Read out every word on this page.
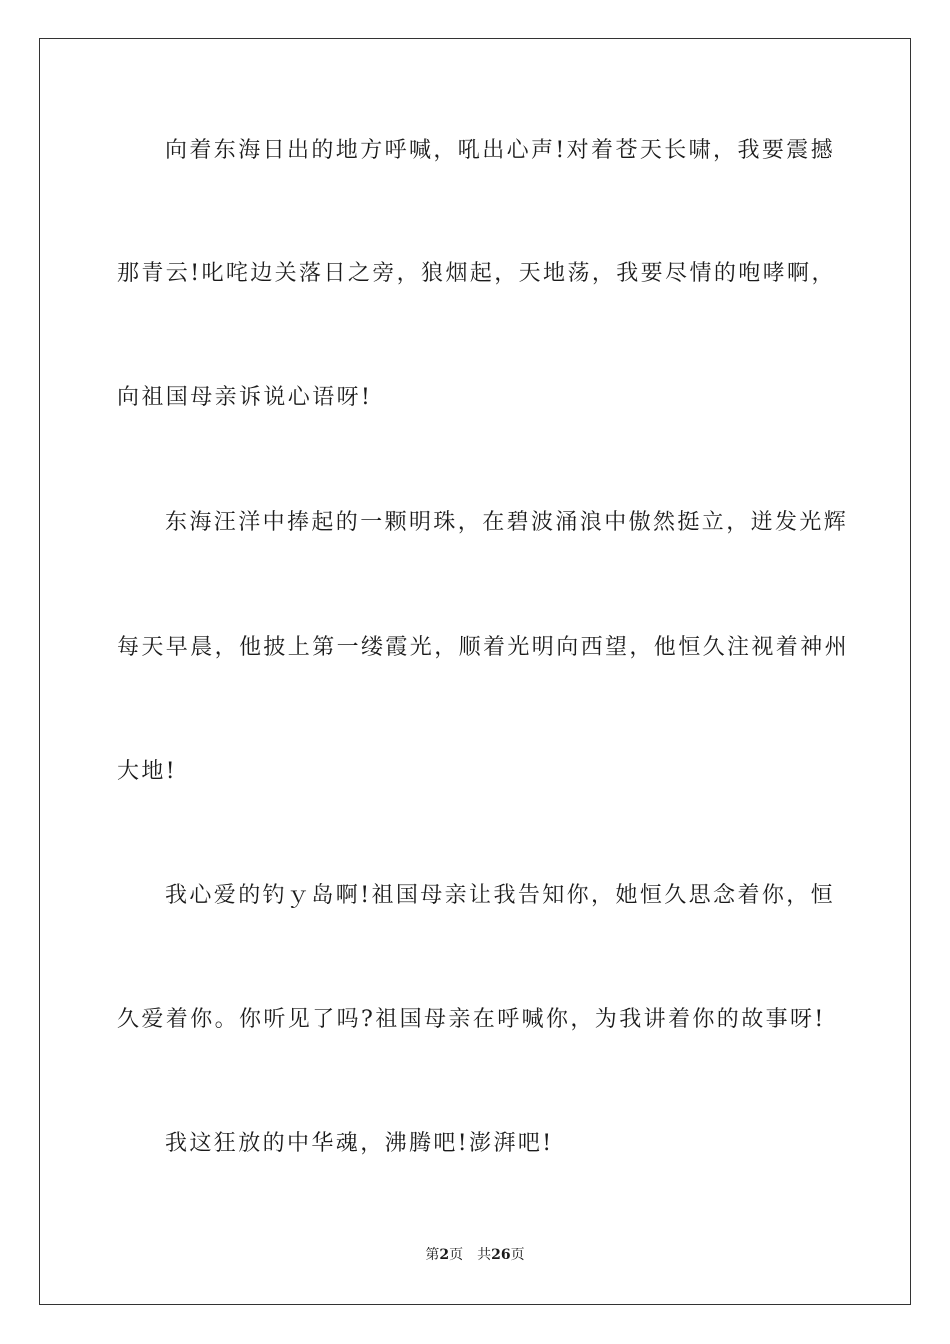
向着东海日出的地方呼喊，吼出心声!对着苍天长啸，我要震撼
那青云!叱咤边关落日之旁，狼烟起，天地荡，我要尽情的咆哮啊，
向祖国母亲诉说心语呀!
东海汪洋中捧起的一颗明珠，在碧波涌浪中傲然挺立，迸发光辉
每天早晨，他披上第一缕霞光，顺着光明向西望，他恒久注视着神州
大地!
我心爱的钓ｙ岛啊!祖国母亲让我告知你，她恒久思念着你，恒
久爱着你。你听见了吗?祖国母亲在呼喊你，为我讲着你的故事呀!
我这狂放的中华魂，沸腾吧!澎湃吧!
第2页 共26页
